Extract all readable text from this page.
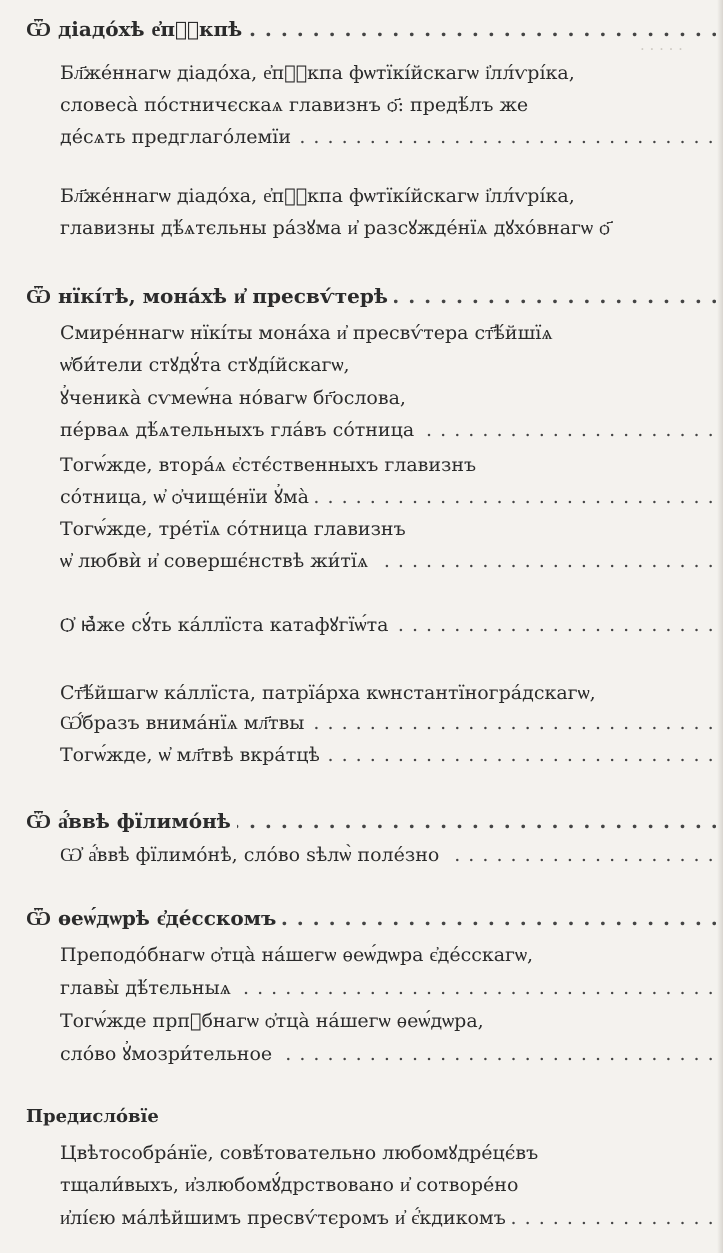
· · · · ·
Ѿ діадо́хѣ е҆пⷭ҇кпѣ . . .
Бл҃же́ннагѡ діадо́ха, е҆пⷭ҇кпа фѡтїкі́йскагѡ і҆лл́ѵрі́ка,
словеса̀ по́стничєскаѧ главизнъ ѻ҃: предѣ́лъ же
де́сѧть предглаго́лемїи . . .
Бл҃же́ннагѡ діадо́ха, е҆пⷭ҇кпа фѡтїкі́йскагѡ і҆лл́ѵрі́ка,
главизны дѣ́ѧтєльны ра́зꙋма и҆ разсꙋжде́нїѧ дꙋхо́внагѡ ѻ҃
Ѿ нїкі́тѣ, мона́хѣ и҆ пресвѵ́терѣ . . .
Смире́ннагѡ нїкі́ты мона́ха и҆ пресвѵ́тера ст҃ѣ́йшїѧ
ѡ҆би́тели стꙋдꙋ́та стꙋді́йскагѡ,
ꙋ҆ченика̀ сѵмеѡ́на но́вагѡ бг҃ослова,
пе́рваѧ дѣ́ѧтельныхъ гла́въ со́тница . . .
Тогѡ́жде, втора́ѧ є҆стє́ственныхъ главизнъ
со́тница, ѡ҆ ѻ҆чище́нїи ꙋ҆ма̀ . . .
Тогѡ́жде, тре́тїѧ со́тница главизнъ
ѡ҆ любвѝ и҆ совершє́нствѣ жи́тїѧ . . .
Ѻ҆ ꙗ҆̀же сꙋ́ть ка́ллїста катафꙋгїѡ́та . . .
Ст҃ѣ́йшагѡ ка́ллїста, патрїа́рха кѡнстантїногра́дскагѡ,
Ѡ҆́бразъ внима́нїѧ мл҃твы . . .
Тогѡ́жде, ѡ҆ мл҃твѣ вкра́тцѣ . . .
Ѿ а҆́ввѣ фїлимо́нѣ . . .
Ѡ҆ а҆́ввѣ фїлимо́нѣ, сло́во ѕѣлѡ̀ поле́зно . . .
Ѿ ѳеѡ́дѡрѣ є҆де́сскомъ . . .
Преподо́бнагѡ ѻ҆тца̀ на́шегѡ ѳеѡ́дѡра є҆де́сскагѡ,
главы̀ дѣ́тєльныѧ . . .
Тогѡ́жде прпⷣбнагѡ ѻ҆тца̀ на́шегѡ ѳеѡ́дѡра,
сло́во ꙋ҆мозри́тельное . . .
Предисло́вїе
Цвѣтособра́нїе, совѣ́товательно любомꙋдре́цє́въ
тщали́выхъ, и҆злюбомꙋ́дрствовано и҆ сотворе́но
и҆лі́єю ма́лѣйшимъ пресвѵ́тєромъ и҆ є҆́кдикомъ . . .
